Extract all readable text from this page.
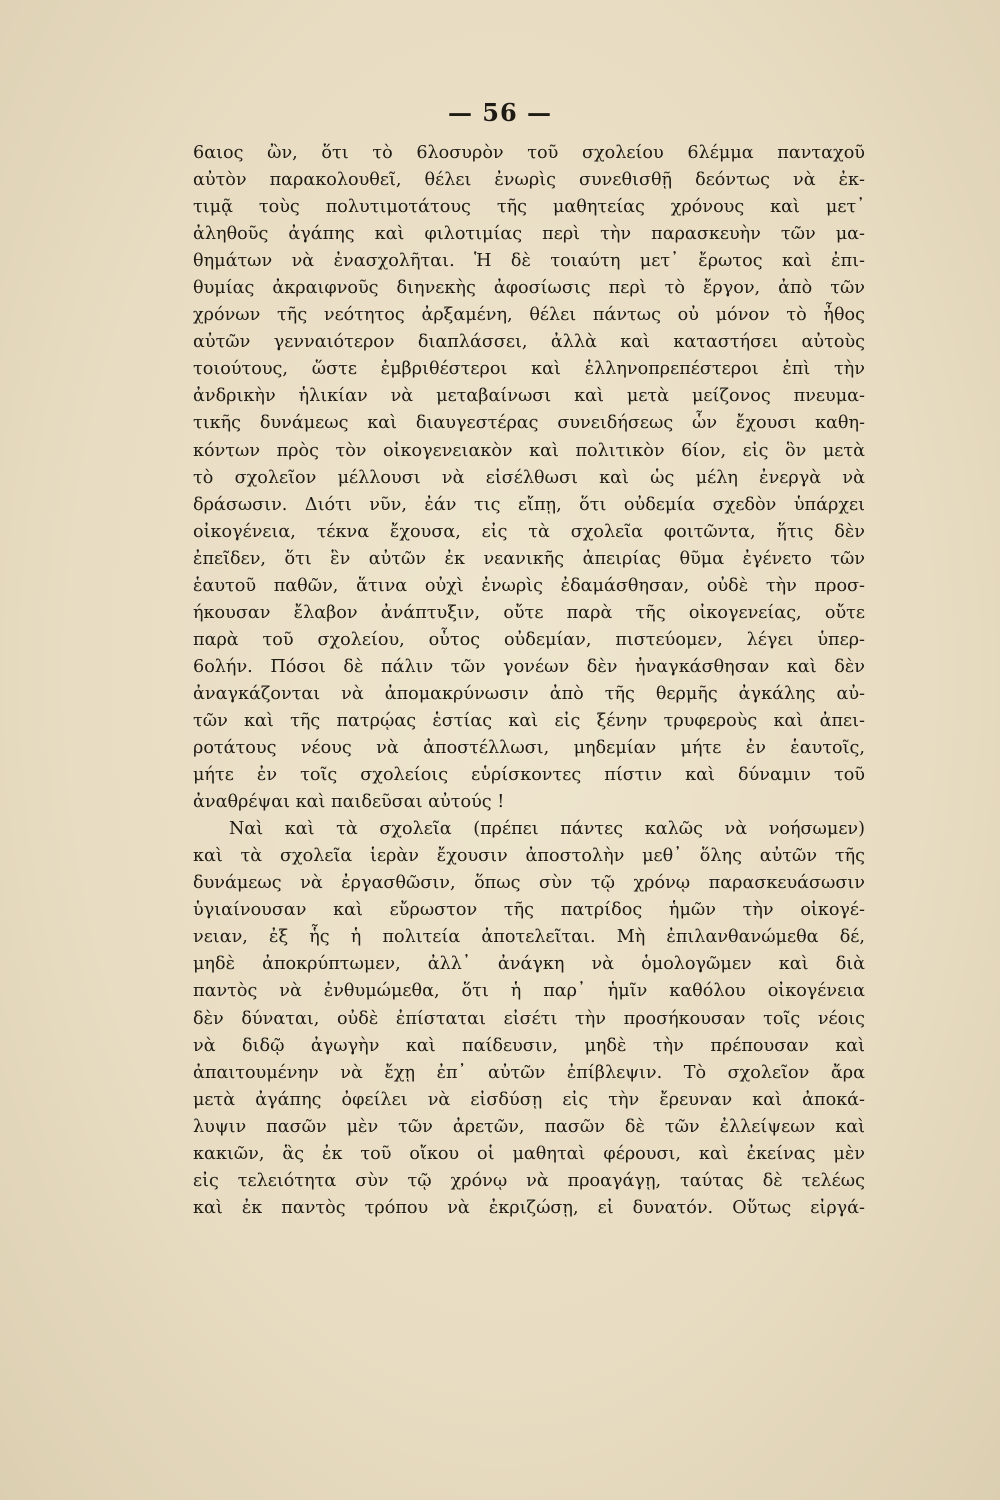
— 56 —
6αιος ὢν, ὅτι τὸ 6λοσυρὸν τοῦ σχολείου 6λέμμα πανταχοῦ
αὐτὸν παρακολουθεῖ, θέλει ἐνωρὶς συνεθισθῇ δεόντως νὰ ἐκ-
τιμᾷ τοὺς πολυτιμοτάτους τῆς μαθητείας χρόνους καὶ μετ᾽
ἀληθοῦς ἀγάπης καὶ φιλοτιμίας περὶ τὴν παρασκευὴν τῶν μα-
θημάτων νὰ ἐνασχολῆται. Ἡ δὲ τοιαύτη μετ᾽ ἔρωτος καὶ ἐπι-
θυμίας ἀκραιφνοῦς διηνεκὴς ἀφοσίωσις περὶ τὸ ἔργον, ἀπὸ τῶν
χρόνων τῆς νεότητος ἀρξαμένη, θέλει πάντως οὐ μόνον τὸ ἦθος
αὐτῶν γενναιότερον διαπλάσσει, ἀλλὰ καὶ καταστήσει αὐτοὺς
τοιούτους, ὥστε ἐμβριθέστεροι καὶ ἑλληνοπρεπέστεροι ἐπὶ τὴν
ἀνδρικὴν ἡλικίαν νὰ μεταβαίνωσι καὶ μετὰ μείζονος πνευμα-
τικῆς δυνάμεως καὶ διαυγεστέρας συνειδήσεως ὧν ἔχουσι καθη-
κόντων πρὸς τὸν οἰκογενειακὸν καὶ πολιτικὸν 6ίον, εἰς ὃν μετὰ
τὸ σχολεῖον μέλλουσι νὰ εἰσέλθωσι καὶ ὡς μέλη ἐνεργὰ νὰ
δράσωσιν. Διότι νῦν, ἐάν τις εἴπῃ, ὅτι οὐδεμία σχεδὸν ὑπάρχει
οἰκογένεια, τέκνα ἔχουσα, εἰς τὰ σχολεῖα φοιτῶντα, ἥτις δὲν
ἐπεῖδεν, ὅτι ἓν αὐτῶν ἐκ νεανικῆς ἀπειρίας θῦμα ἐγένετο τῶν
ἑαυτοῦ παθῶν, ἅτινα οὐχὶ ἐνωρὶς ἐδαμάσθησαν, οὐδὲ τὴν προσ-
ήκουσαν ἔλαβον ἀνάπτυξιν, οὔτε παρὰ τῆς οἰκογενείας, οὔτε
παρὰ τοῦ σχολείου, οὗτος οὐδεμίαν, πιστεύομεν, λέγει ὑπερ-
6ολήν. Πόσοι δὲ πάλιν τῶν γονέων δὲν ἠναγκάσθησαν καὶ δὲν
ἀναγκάζονται νὰ ἀπομακρύνωσιν ἀπὸ τῆς θερμῆς ἀγκάλης αὐ-
τῶν καὶ τῆς πατρῴας ἑστίας καὶ εἰς ξένην τρυφεροὺς καὶ ἀπει-
ροτάτους νέους νὰ ἀποστέλλωσι, μηδεμίαν μήτε ἐν ἑαυτοῖς,
μήτε ἐν τοῖς σχολείοις εὑρίσκοντες πίστιν καὶ δύναμιν τοῦ
ἀναθρέψαι καὶ παιδεῦσαι αὐτούς !
Ναὶ καὶ τὰ σχολεῖα (πρέπει πάντες καλῶς νὰ νοήσωμεν)
καὶ τὰ σχολεῖα ἱερὰν ἔχουσιν ἀποστολὴν μεθ᾽ ὅλης αὐτῶν τῆς
δυνάμεως νὰ ἐργασθῶσιν, ὅπως σὺν τῷ χρόνῳ παρασκευάσωσιν
ὑγιαίνουσαν καὶ εὔρωστον τῆς πατρίδος ἡμῶν τὴν οἰκογέ-
νειαν, ἐξ ἧς ἡ πολιτεία ἀποτελεῖται. Μὴ ἐπιλανθανώμεθα δέ,
μηδὲ ἀποκρύπτωμεν, ἀλλ᾽ ἀνάγκη νὰ ὁμολογῶμεν καὶ διὰ
παντὸς νὰ ἐνθυμώμεθα, ὅτι ἡ παρ᾽ ἡμῖν καθόλου οἰκογένεια
δὲν δύναται, οὐδὲ ἐπίσταται εἰσέτι τὴν προσήκουσαν τοῖς νέοις
νὰ διδῷ ἀγωγὴν καὶ παίδευσιν, μηδὲ τὴν πρέπουσαν καὶ
ἀπαιτουμένην νὰ ἔχῃ ἐπ᾽ αὐτῶν ἐπίβλεψιν. Τὸ σχολεῖον ἄρα
μετὰ ἀγάπης ὀφείλει νὰ εἰσδύσῃ εἰς τὴν ἔρευναν καὶ ἀποκά-
λυψιν πασῶν μὲν τῶν ἀρετῶν, πασῶν δὲ τῶν ἐλλείψεων καὶ
κακιῶν, ἃς ἐκ τοῦ οἴκου οἱ μαθηταὶ φέρουσι, καὶ ἐκείνας μὲν
εἰς τελειότητα σὺν τῷ χρόνῳ νὰ προαγάγῃ, ταύτας δὲ τελέως
καὶ ἐκ παντὸς τρόπου νὰ ἐκριζώσῃ, εἰ δυνατόν. Οὕτως εἰργά-
